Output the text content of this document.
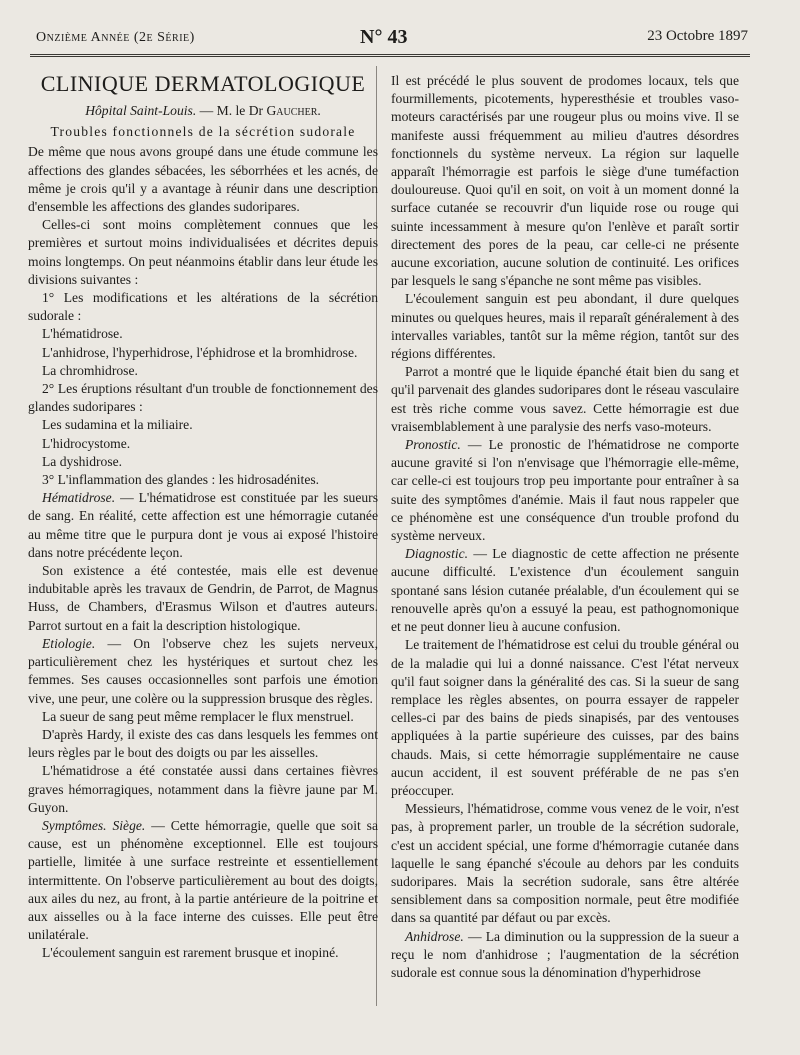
Onzième Année (2e Série)	N° 43	23 Octobre 1897
CLINIQUE DERMATOLOGIQUE
Hôpital Saint-Louis. — M. le Dr Gaucher.
Troubles fonctionnels de la sécrétion sudorale

De même que nous avons groupé dans une étude commune les affections des glandes sébacées, les séborrhées et les acnés, de même je crois qu'il y a avantage à réunir dans une description d'ensemble les affections des glandes sudoripares.

Celles-ci sont moins complètement connues que les premières et surtout moins individualisées et décrites depuis moins longtemps. On peut néanmoins établir dans leur étude les divisions suivantes :

1° Les modifications et les altérations de la sécrétion sudorale :

L'hématidrose.

L'anhidrose, l'hyperhidrose, l'éphidrose et la bromhidrose.

La chromhidrose.

2° Les éruptions résultant d'un trouble de fonctionnement des glandes sudoripares :

Les sudamina et la miliaire.

L'hidrocystome.

La dyshidrose.

3° L'inflammation des glandes : les hidrosadénites.

Hématidrose. — L'hématidrose est constituée par les sueurs de sang. En réalité, cette affection est une hémorragie cutanée au même titre que le purpura dont je vous ai exposé l'histoire dans notre précédente leçon.

Son existence a été contestée, mais elle est devenue indubitable après les travaux de Gendrin, de Parrot, de Magnus Huss, de Chambers, d'Erasmus Wilson et d'autres auteurs. Parrot surtout en a fait la description histologique.

Etiologie. — On l'observe chez les sujets nerveux, particulièrement chez les hystériques et surtout chez les femmes. Ses causes occasionnelles sont parfois une émotion vive, une peur, une colère ou la suppression brusque des règles.

La sueur de sang peut même remplacer le flux menstruel.

D'après Hardy, il existe des cas dans lesquels les femmes ont leurs règles par le bout des doigts ou par les aisselles.

L'hématidrose a été constatée aussi dans certaines fièvres graves hémorragiques, notamment dans la fièvre jaune par M. Guyon.

Symptômes. Siège. — Cette hémorragie, quelle que soit sa cause, est un phénomène exceptionnel. Elle est toujours partielle, limitée à une surface restreinte et essentiellement intermittente. On l'observe particulièrement au bout des doigts, aux ailes du nez, au front, à la partie antérieure de la poitrine et aux aisselles ou à la face interne des cuisses. Elle peut être unilatérale.

L'écoulement sanguin est rarement brusque et inopiné.

Il est précédé le plus souvent de prodomes locaux, tels que fourmillements, picotements, hyperesthésie et troubles vaso-moteurs caractérisés par une rougeur plus ou moins vive. Il se manifeste aussi fréquemment au milieu d'autres désordres fonctionnels du système nerveux. La région sur laquelle apparaît l'hémorragie est parfois le siège d'une tuméfaction douloureuse. Quoi qu'il en soit, on voit à un moment donné la surface cutanée se recouvrir d'un liquide rose ou rouge qui suinte incessamment à mesure qu'on l'enlève et paraît sortir directement des pores de la peau, car celle-ci ne présente aucune excoriation, aucune solution de continuité. Les orifices par lesquels le sang s'épanche ne sont même pas visibles.

L'écoulement sanguin est peu abondant, il dure quelques minutes ou quelques heures, mais il reparaît généralement à des intervalles variables, tantôt sur la même région, tantôt sur des régions différentes.

Parrot a montré que le liquide épanché était bien du sang et qu'il parvenait des glandes sudoripares dont le réseau vasculaire est très riche comme vous savez. Cette hémorragie est due vraisemblablement à une paralysie des nerfs vaso-moteurs.

Pronostic. — Le pronostic de l'hématidrose ne comporte aucune gravité si l'on n'envisage que l'hémorragie elle-même, car celle-ci est toujours trop peu importante pour entraîner à sa suite des symptômes d'anémie. Mais il faut nous rappeler que ce phénomène est une conséquence d'un trouble profond du système nerveux.

Diagnostic. — Le diagnostic de cette affection ne présente aucune difficulté. L'existence d'un écoulement sanguin spontané sans lésion cutanée préalable, d'un écoulement qui se renouvelle après qu'on a essuyé la peau, est pathognomonique et ne peut donner lieu à aucune confusion.

Le traitement de l'hématidrose est celui du trouble général ou de la maladie qui lui a donné naissance. C'est l'état nerveux qu'il faut soigner dans la généralité des cas. Si la sueur de sang remplace les règles absentes, on pourra essayer de rappeler celles-ci par des bains de pieds sinapisés, par des ventouses appliquées à la partie supérieure des cuisses, par des bains chauds. Mais, si cette hémorragie supplémentaire ne cause aucun accident, il est souvent préférable de ne pas s'en préoccuper.

Messieurs, l'hématidrose, comme vous venez de le voir, n'est pas, à proprement parler, un trouble de la sécrétion sudorale, c'est un accident spécial, une forme d'hémorragie cutanée dans laquelle le sang épanché s'écoule au dehors par les conduits sudoripares. Mais la secrétion sudorale, sans être altérée sensiblement dans sa composition normale, peut être modifiée dans sa quantité par défaut ou par excès.

Anhidrose. — La diminution ou la suppression de la sueur a reçu le nom d'anhidrose ; l'augmentation de la sécrétion sudorale est connue sous la dénomination d'hyperhidrose
